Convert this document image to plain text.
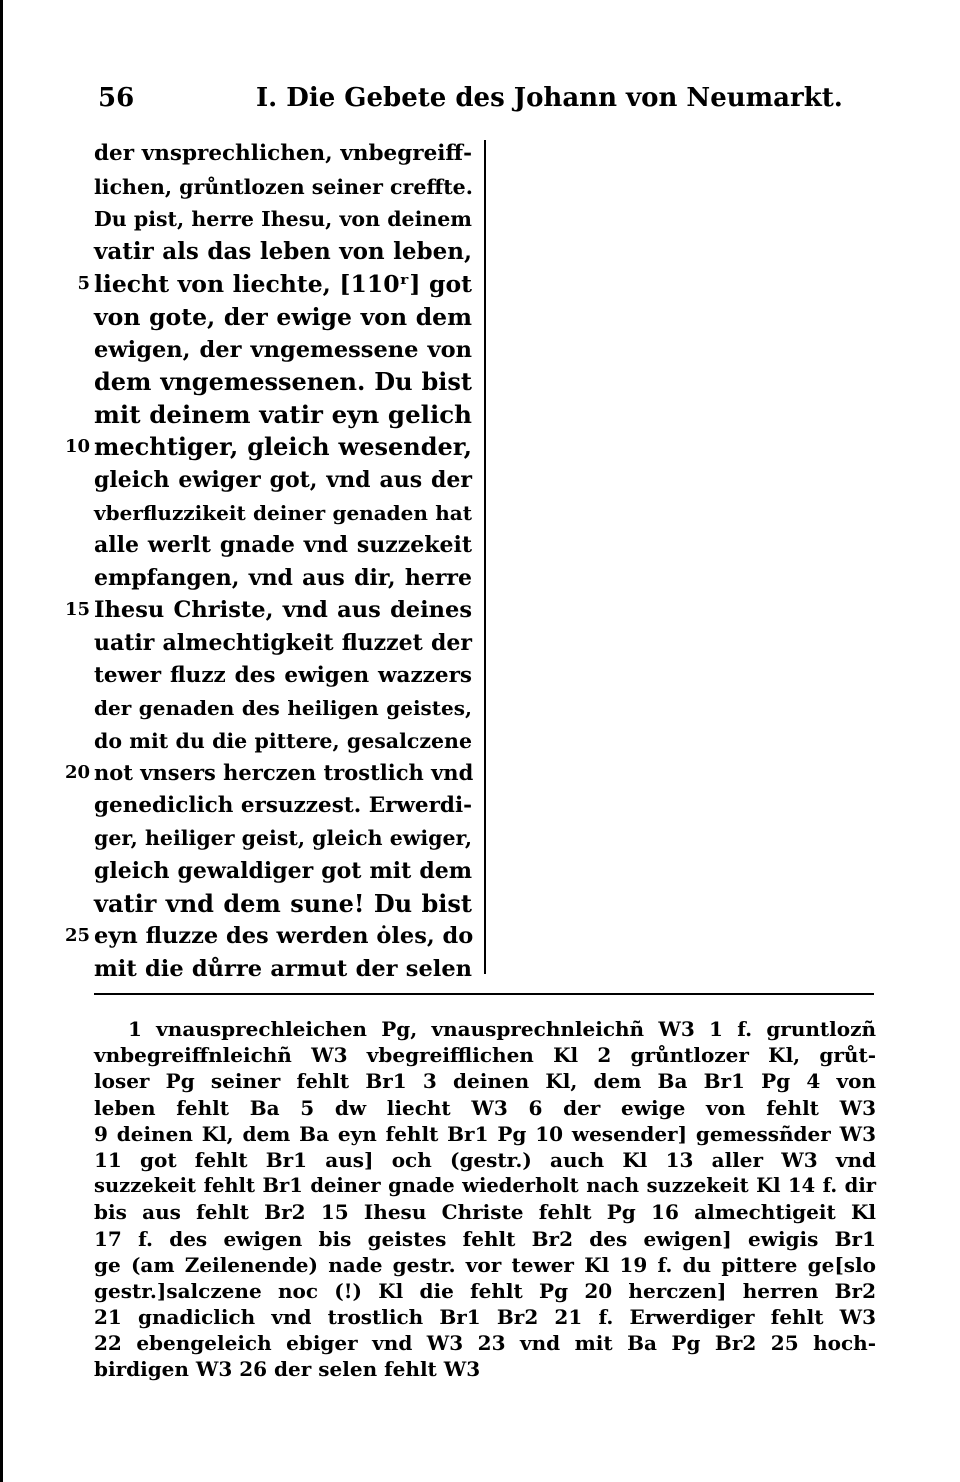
56	I. Die Gebete des Johann von Neumarkt.
der vnsprechlichen, vnbegreiff-
lichen, grůntlozen seiner creffte.
Du pist, herre Ihesu, von deinem
vatir als das leben von leben,
5 liecht von liechte, [110ʳ] got
von gote, der ewige von dem
ewigen, der vngemessene von
dem vngemessenen. Du bist
mit deinem vatir eyn gelich
10 mechtiger, gleich wesender,
gleich ewiger got, vnd aus der
vberfluzzikeit deiner genaden hat
alle werlt gnade vnd suzzekeit
empfangen, vnd aus dir, herre
15 Ihesu Christe, vnd aus deines
uatir almechtigkeit fluzzet der
tewer fluzz des ewigen wazzers
der genaden des heiligen geistes,
do mit du die pittere, gesalczene
20 not vnsers herczen trostlich vnd
genediclich ersuzzest. Erwerdi-
ger, heiliger geist, gleich ewiger,
gleich gewaldiger got mit dem
vatir vnd dem sune! Du bist
25 eyn fluzze des werden ȯles, do
mit die důrre armut der selen
1 vnausprechleichen Pg, vnausprechnleichñ W3 1 f. gruntlozñ
vnbegreiffnleichñ W3 vbegreifflichen Kl 2 grůntlozer Kl, grůt-
loser Pg seiner fehlt Br1 3 deinen Kl, dem Ba Br1 Pg 4 von
leben fehlt Ba 5 dw liecht W3 6 der ewige von fehlt W3
9 deinen Kl, dem Ba eyn fehlt Br1 Pg 10 wesender] gemessñder W3
11 got fehlt Br1 aus] och (gestr.) auch Kl 13 aller W3 vnd
suzzekeit fehlt Br1 deiner gnade wiederholt nach suzzekeit Kl 14 f. dir
bis aus fehlt Br2 15 Ihesu Christe fehlt Pg 16 almechtigeit Kl
17 f. des ewigen bis geistes fehlt Br2 des ewigen] ewigis Br1
ge (am Zeilenende) nade gestr. vor tewer Kl 19 f. du pittere ge[slo
gestr.]salczene noc (!) Kl die fehlt Pg 20 herczen] herren Br2
21 gnadiclich vnd trostlich Br1 Br2 21 f. Erwerdiger fehlt W3
22 ebengeleich ebiger vnd W3 23 vnd mit Ba Pg Br2 25 hoch-
birdigen W3 26 der selen fehlt W3
